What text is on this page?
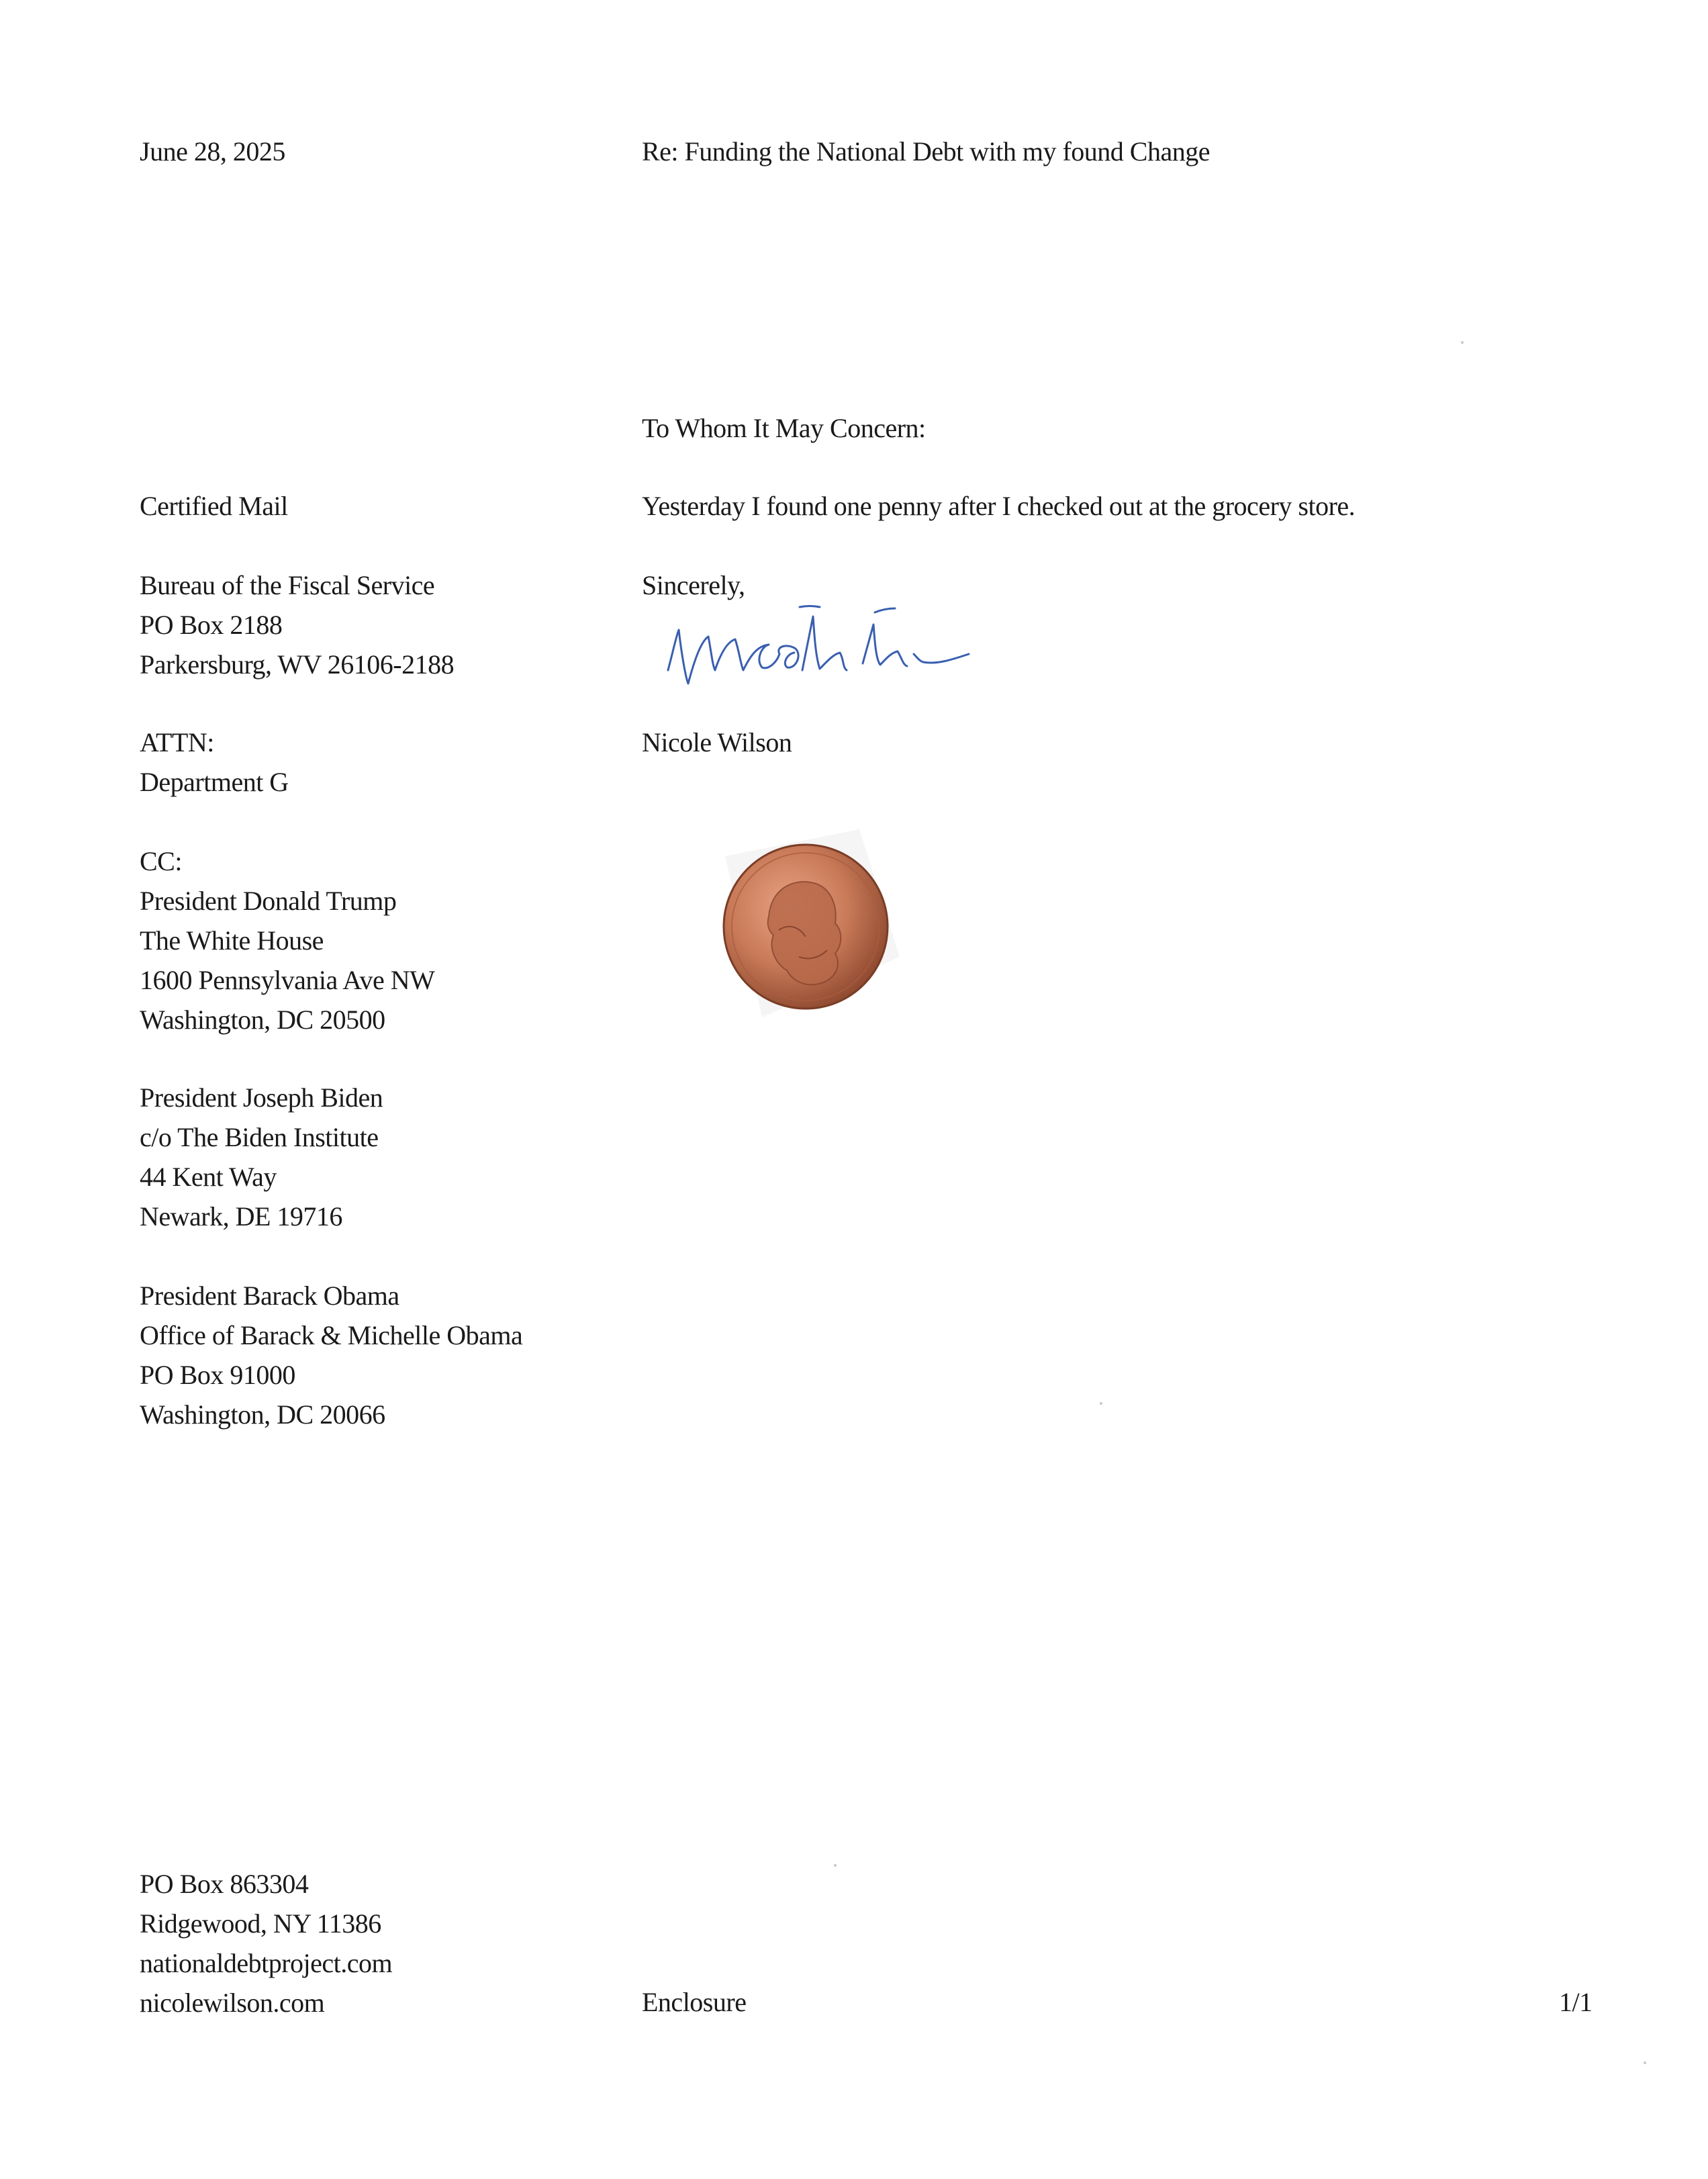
June 28, 2025	Re: Funding the National Debt with my found Change
To Whom It May Concern:
Certified Mail	Yesterday I found one penny after I checked out at the grocery store.
Bureau of the Fiscal Service
PO Box 2188
Parkersburg, WV 26106-2188
Sincerely,
Nicole Wilson
ATTN:
Department G
CC:
President Donald Trump
The White House
1600 Pennsylvania Ave NW
Washington, DC 20500
President Joseph Biden
c/o The Biden Institute
44 Kent Way
Newark, DE 19716
President Barack Obama
Office of Barack & Michelle Obama
PO Box 91000
Washington, DC 20066
PO Box 863304
Ridgewood, NY 11386
nationaldebtproject.com
nicolewilson.com	Enclosure	1/1
